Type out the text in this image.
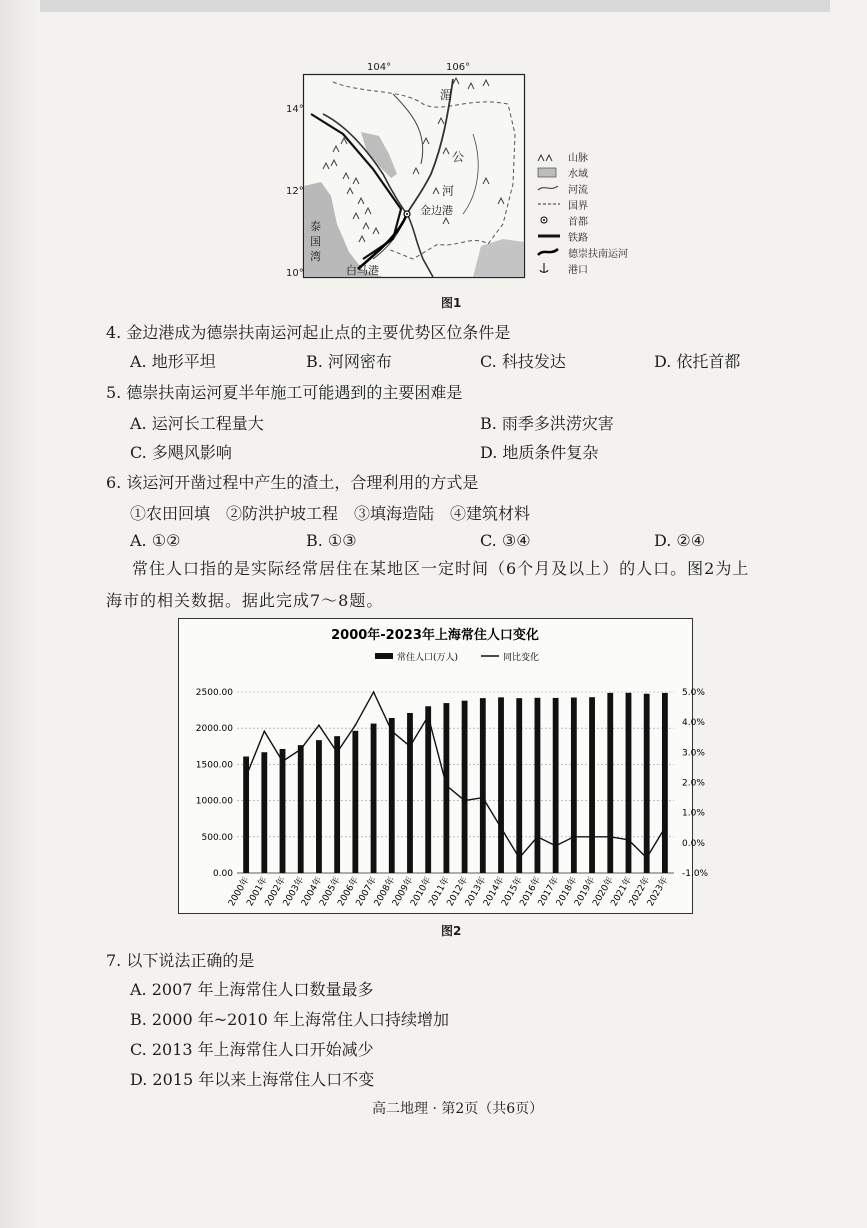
104°	106°
14°
12°
10°
湄
公
河
金边港
泰
国
湾
白马港
山脉
水域
河流
国界
首都
铁路
德崇扶南运河
港口
图1
4. 金边港成为德崇扶南运河起止点的主要优势区位条件是
A. 地形平坦	B. 河网密布	C. 科技发达	D. 依托首都
5. 德崇扶南运河夏半年施工可能遇到的主要困难是
A. 运河长工程量大	B. 雨季多洪涝灾害
C. 多飓风影响	D. 地质条件复杂
6. 该运河开凿过程中产生的渣土，合理利用的方式是
①农田回填　②防洪护坡工程　③填海造陆　④建筑材料
A. ①②	B. ①③	C. ③④	D. ②④
常住人口指的是实际经常居住在某地区一定时间（6个月及以上）的人口。图2为上
海市的相关数据。据此完成7～8题。
2000年-2023年上海常住人口变化
常住人口(万人)	同比变化
2500.00
2000.00
1500.00
1000.00
500.00
0.00
5.0%
4.0%
3.0%
2.0%
1.0%
0.0%
-1.0%
2000年
2001年
2002年
2003年
2004年
2005年
2006年
2007年
2008年
2009年
2010年
2011年
2012年
2013年
2014年
2015年
2016年
2017年
2018年
2019年
2020年
2021年
2022年
2023年
图2
7. 以下说法正确的是
A. 2007 年上海常住人口数量最多
B. 2000 年~2010 年上海常住人口持续增加
C. 2013 年上海常住人口开始减少
D. 2015 年以来上海常住人口不变
高二地理 · 第2页（共6页）
